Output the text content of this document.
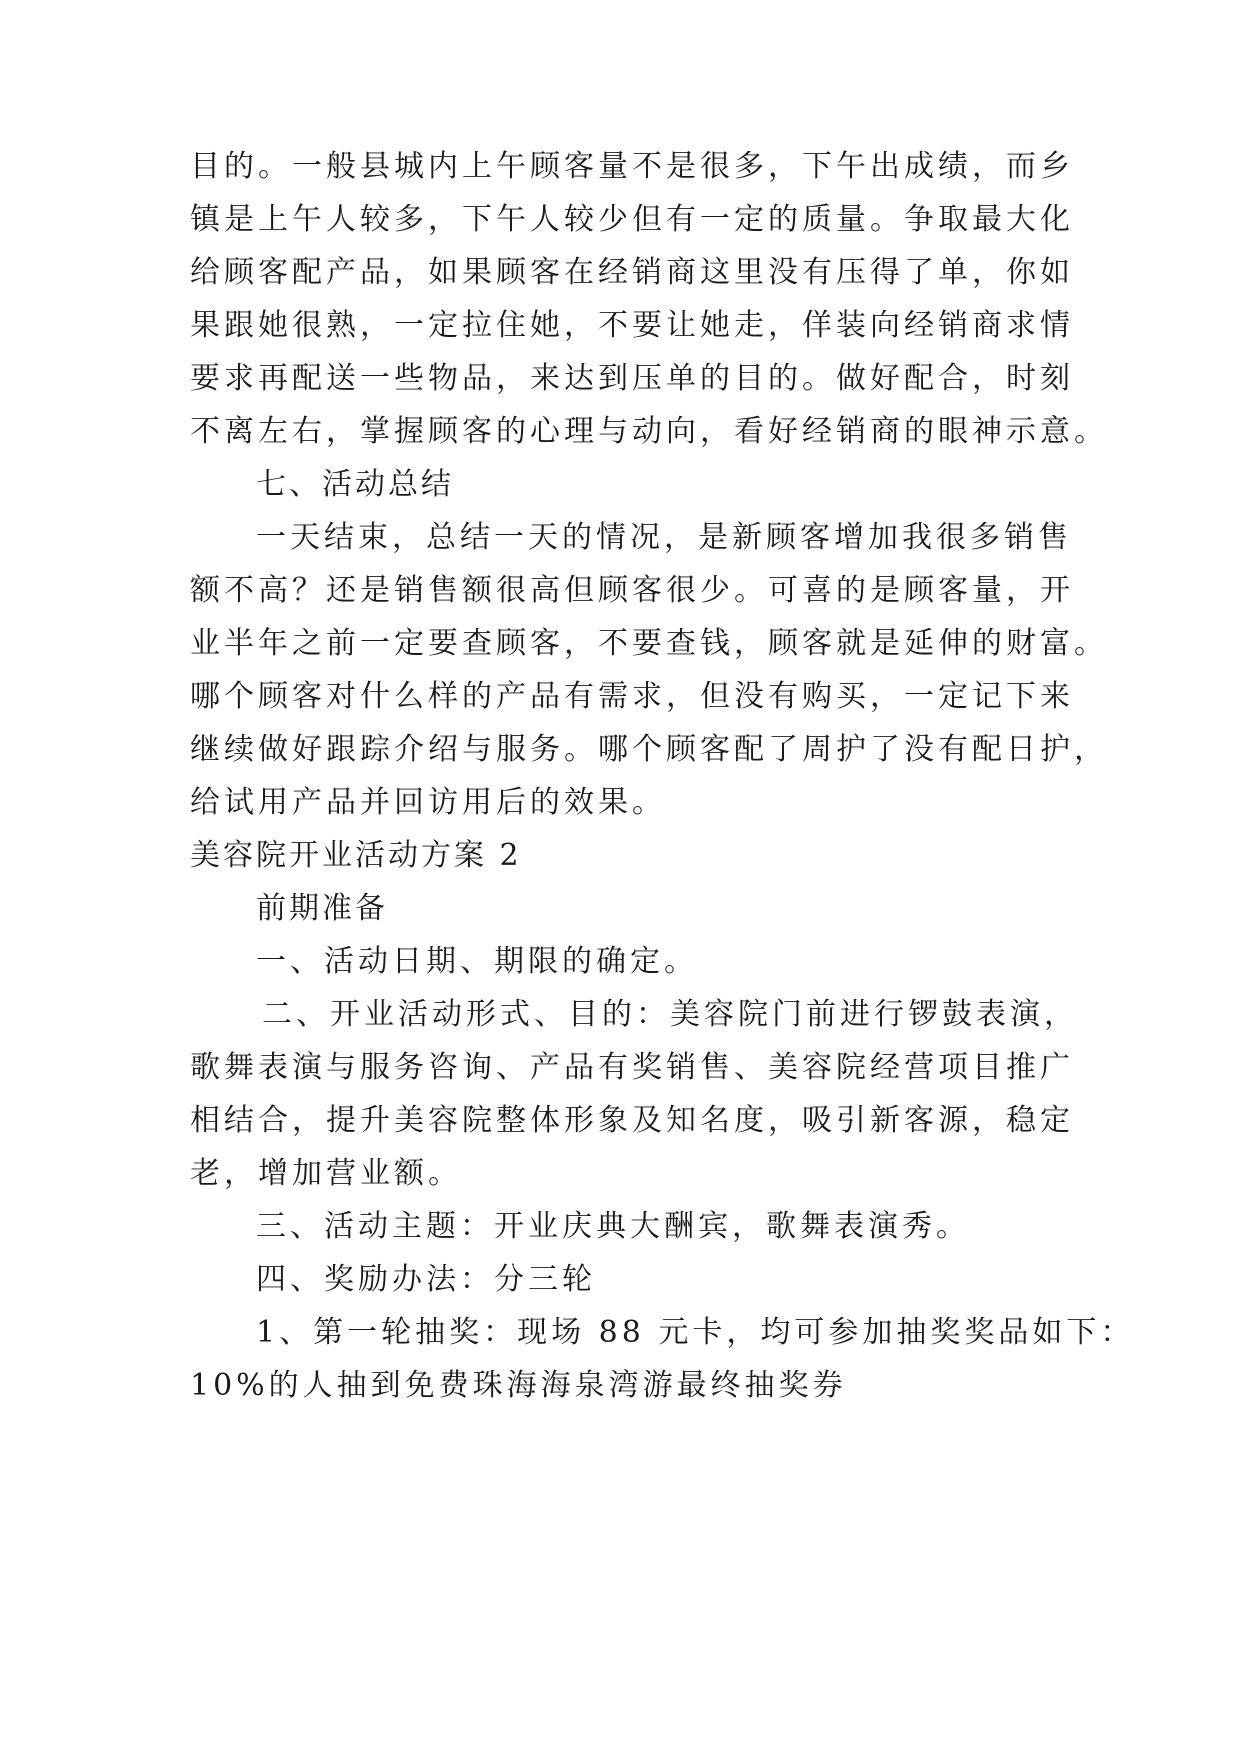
目的。一般县城内上午顾客量不是很多，下午出成绩，而乡
镇是上午人较多，下午人较少但有一定的质量。争取最大化
给顾客配产品，如果顾客在经销商这里没有压得了单，你如
果跟她很熟，一定拉住她，不要让她走，佯装向经销商求情
要求再配送一些物品，来达到压单的目的。做好配合，时刻
不离左右，掌握顾客的心理与动向，看好经销商的眼神示意。
七、活动总结
一天结束，总结一天的情况，是新顾客增加我很多销售
额不高？还是销售额很高但顾客很少。可喜的是顾客量，开
业半年之前一定要查顾客，不要查钱，顾客就是延伸的财富。
哪个顾客对什么样的产品有需求，但没有购买，一定记下来
继续做好跟踪介绍与服务。哪个顾客配了周护了没有配日护，
给试用产品并回访用后的效果。
美容院开业活动方案 2
前期准备
一、活动日期、期限的确定。
二、开业活动形式、目的：美容院门前进行锣鼓表演，
歌舞表演与服务咨询、产品有奖销售、美容院经营项目推广
相结合，提升美容院整体形象及知名度，吸引新客源，稳定
老，增加营业额。
三、活动主题：开业庆典大酬宾，歌舞表演秀。
四、奖励办法：分三轮
1、第一轮抽奖：现场 88 元卡，均可参加抽奖奖品如下：
10%的人抽到免费珠海海泉湾游最终抽奖券
